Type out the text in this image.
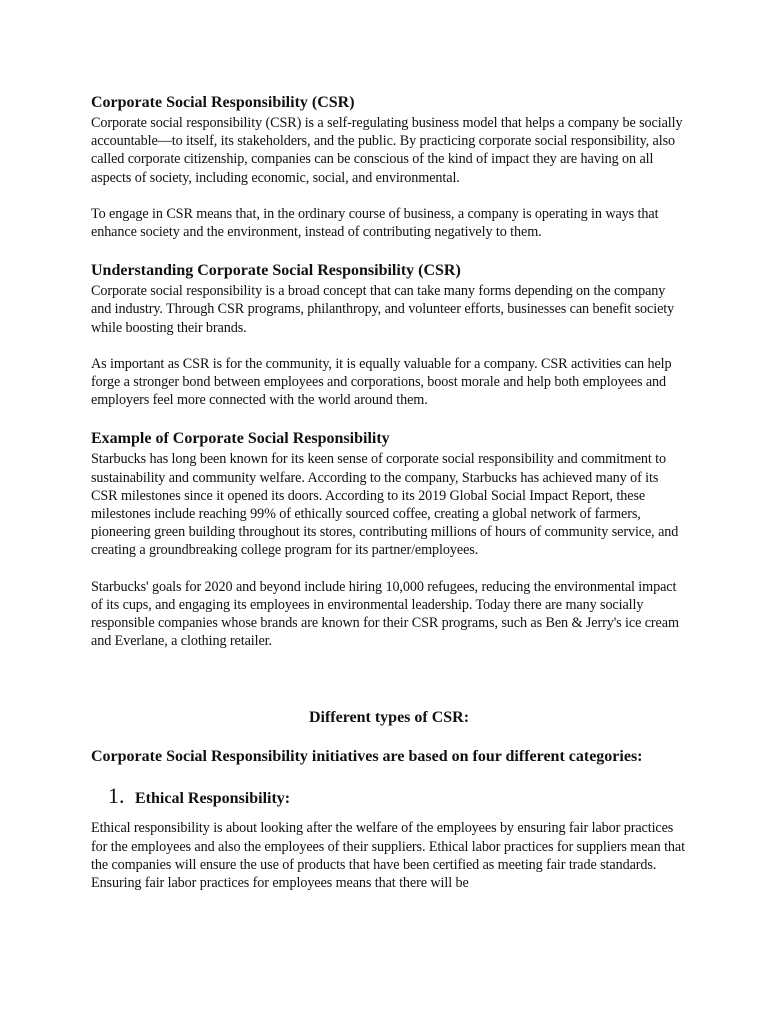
Corporate Social Responsibility (CSR)

Corporate social responsibility (CSR) is a self-regulating business model that helps a company be socially accountable—to itself, its stakeholders, and the public. By practicing corporate social responsibility, also called corporate citizenship, companies can be conscious of the kind of impact they are having on all aspects of society, including economic, social, and environmental.

To engage in CSR means that, in the ordinary course of business, a company is operating in ways that enhance society and the environment, instead of contributing negatively to them.

Understanding Corporate Social Responsibility (CSR)

Corporate social responsibility is a broad concept that can take many forms depending on the company and industry. Through CSR programs, philanthropy, and volunteer efforts, businesses can benefit society while boosting their brands.

As important as CSR is for the community, it is equally valuable for a company. CSR activities can help forge a stronger bond between employees and corporations, boost morale and help both employees and employers feel more connected with the world around them.

Example of Corporate Social Responsibility

Starbucks has long been known for its keen sense of corporate social responsibility and commitment to sustainability and community welfare. According to the company, Starbucks has achieved many of its CSR milestones since it opened its doors. According to its 2019 Global Social Impact Report, these milestones include reaching 99% of ethically sourced coffee, creating a global network of farmers, pioneering green building throughout its stores, contributing millions of hours of community service, and creating a groundbreaking college program for its partner/employees.

Starbucks' goals for 2020 and beyond include hiring 10,000 refugees, reducing the environmental impact of its cups, and engaging its employees in environmental leadership. Today there are many socially responsible companies whose brands are known for their CSR programs, such as Ben & Jerry's ice cream and Everlane, a clothing retailer.

Different types of CSR:
Corporate Social Responsibility initiatives are based on four different categories:
1. Ethical Responsibility:

Ethical responsibility is about looking after the welfare of the employees by ensuring fair labor practices for the employees and also the employees of their suppliers. Ethical labor practices for suppliers mean that the companies will ensure the use of products that have been certified as meeting fair trade standards. Ensuring fair labor practices for employees means that there will be
